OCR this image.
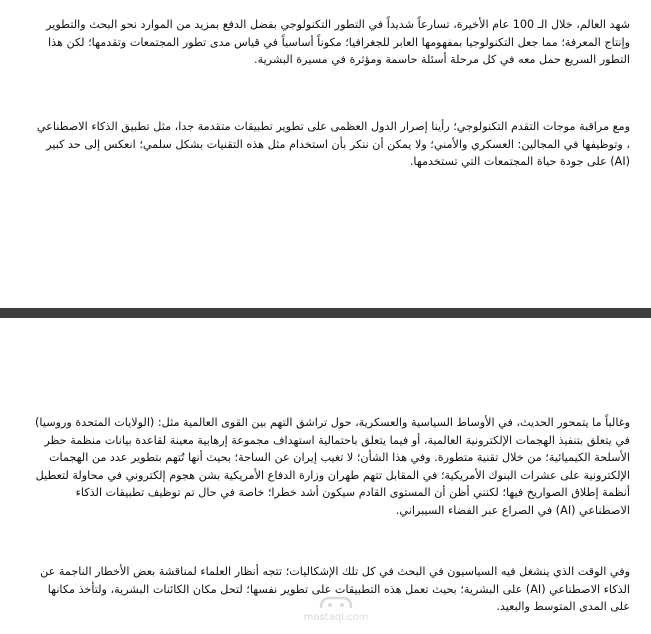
شهد العالم، خلال الـ 100 عام الأخيرة، تسارعاً شديداً في التطور التكنولوجي بفضل الدفع بمزيد من الموارد نحو البحث والتطوير وإنتاج المعرفة؛ مما جعل التكنولوجيا بمفهومها العابر للجغرافيا؛ مكوناً أساسياً في قياس مدى تطور المجتمعات وتقدمها؛ لكن هذا التطور السريع حمل معه في كل مرحلة أسئلة حاسمة ومؤثرة في مسيرة البشرية.

ومع مراقبة موجات التقدم التكنولوجي؛ رأينا إصرار الدول العظمى على تطوير تطبيقات متقدمة جدا، مثل تطبيق الذكاء الاصطناعي ، وتوظيفها في المجالين: العسكري والأمني؛ ولا يمكن أن ننكر بأن استخدام مثل هذه التقنيات بشكل سلمي؛ انعكس إلى حد كبير (AI) على جودة حياة المجتمعات التي تستخدمها.

وغالباً ما يتمحور الحديث، في الأوساط السياسية والعسكرية، حول تراشق التهم بين القوى العالمية مثل: (الولايات المتحدة وروسيا) في يتعلق بتنفيذ الهجمات الإلكترونية العالمية، أو فيما يتعلق باحتمالية استهداف مجموعة إرهابية معينة لقاعدة بيانات منظمة حظر الأسلحة الكيميائية؛ من خلال تقنية متطورة. وفي هذا الشأن؛ لا تغيب إيران عن الساحة؛ بحيث أنها تُتهم بتطوير عدد من الهجمات الإلكترونية على عشرات البنوك الأمريكية؛ في المقابل تتهم طهران وزارة الدفاع الأمريكية بشن هجوم إلكتروني في محاولة لتعطيل أنظمة إطلاق الصواريخ فيها؛ لكنني أظن أن المستوى القادم سيكون أشد خطرا؛ خاصة في حال تم توظيف تطبيقات الذكاء الاصطناعي (AI) في الصراع عبر الفضاء السيبراني.

وفي الوقت الذي ينشغل فيه السياسيون في البحث في كل تلك الإشكاليات؛ تتجه أنظار العلماء لمناقشة بعض الأخطار الناجمة عن الذكاء الاصطناعي (AI) على البشرية؛ بحيث تعمل هذه التطبيقات على تطوير نفسها؛ لتحل مكان الكائنات البشرية، ولتأخذ مكانها على المدى المتوسط والبعيد.

mostaql.com
